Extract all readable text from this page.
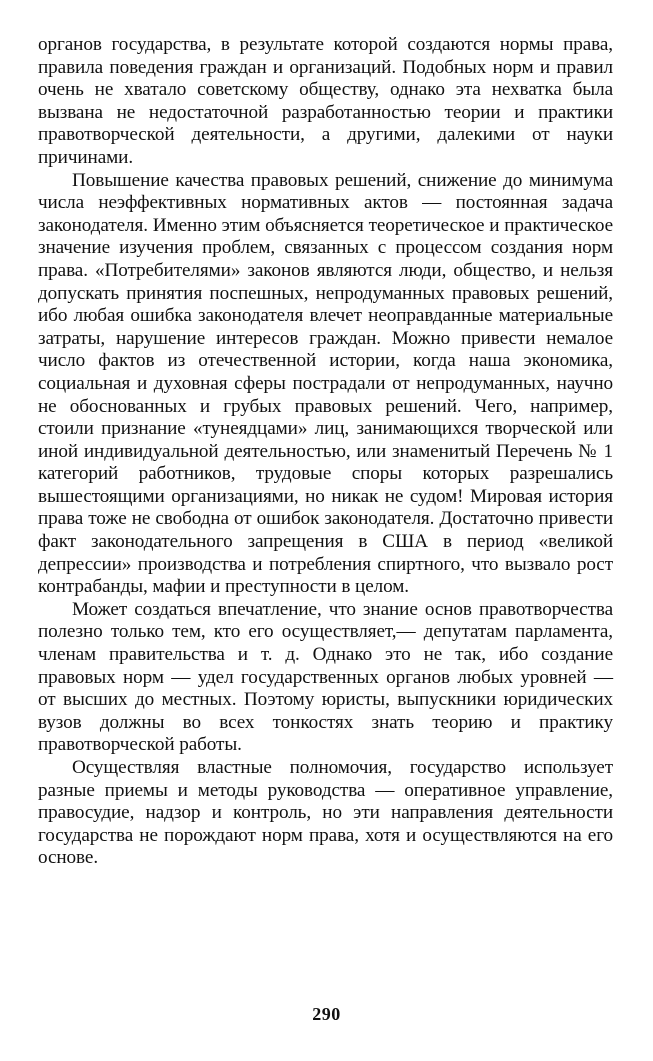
органов государства, в результате которой создаются нормы права, правила поведения граждан и организаций. Подобных норм и правил очень не хватало советскому обществу, однако эта нехватка была вызвана не недостаточной разработанностью теории и практики правотворческой деятельности, а другими, далекими от науки причинами.

Повышение качества правовых решений, снижение до минимума числа неэффективных нормативных актов — постоянная задача законодателя. Именно этим объясняется теоретическое и практическое значение изучения проблем, связанных с процессом создания норм права. «Потребителями» законов являются люди, общество, и нельзя допускать принятия поспешных, непродуманных правовых решений, ибо любая ошибка законодателя влечет неоправданные материальные затраты, нарушение интересов граждан. Можно привести немалое число фактов из отечественной истории, когда наша экономика, социальная и духовная сферы пострадали от непродуманных, научно не обоснованных и грубых правовых решений. Чего, например, стоили признание «тунеядцами» лиц, занимающихся творческой или иной индивидуальной деятельностью, или знаменитый Перечень № 1 категорий работников, трудовые споры которых разрешались вышестоящими организациями, но никак не судом! Мировая история права тоже не свободна от ошибок законодателя. Достаточно привести факт законодательного запрещения в США в период «великой депрессии» производства и потребления спиртного, что вызвало рост контрабанды, мафии и преступности в целом.

Может создаться впечатление, что знание основ правотворчества полезно только тем, кто его осуществляет,— депутатам парламента, членам правительства и т. д. Однако это не так, ибо создание правовых норм — удел государственных органов любых уровней — от высших до местных. Поэтому юристы, выпускники юридических вузов должны во всех тонкостях знать теорию и практику правотворческой работы.

Осуществляя властные полномочия, государство использует разные приемы и методы руководства — оперативное управление, правосудие, надзор и контроль, но эти направления деятельности государства не порождают норм права, хотя и осуществляются на его основе.

290
